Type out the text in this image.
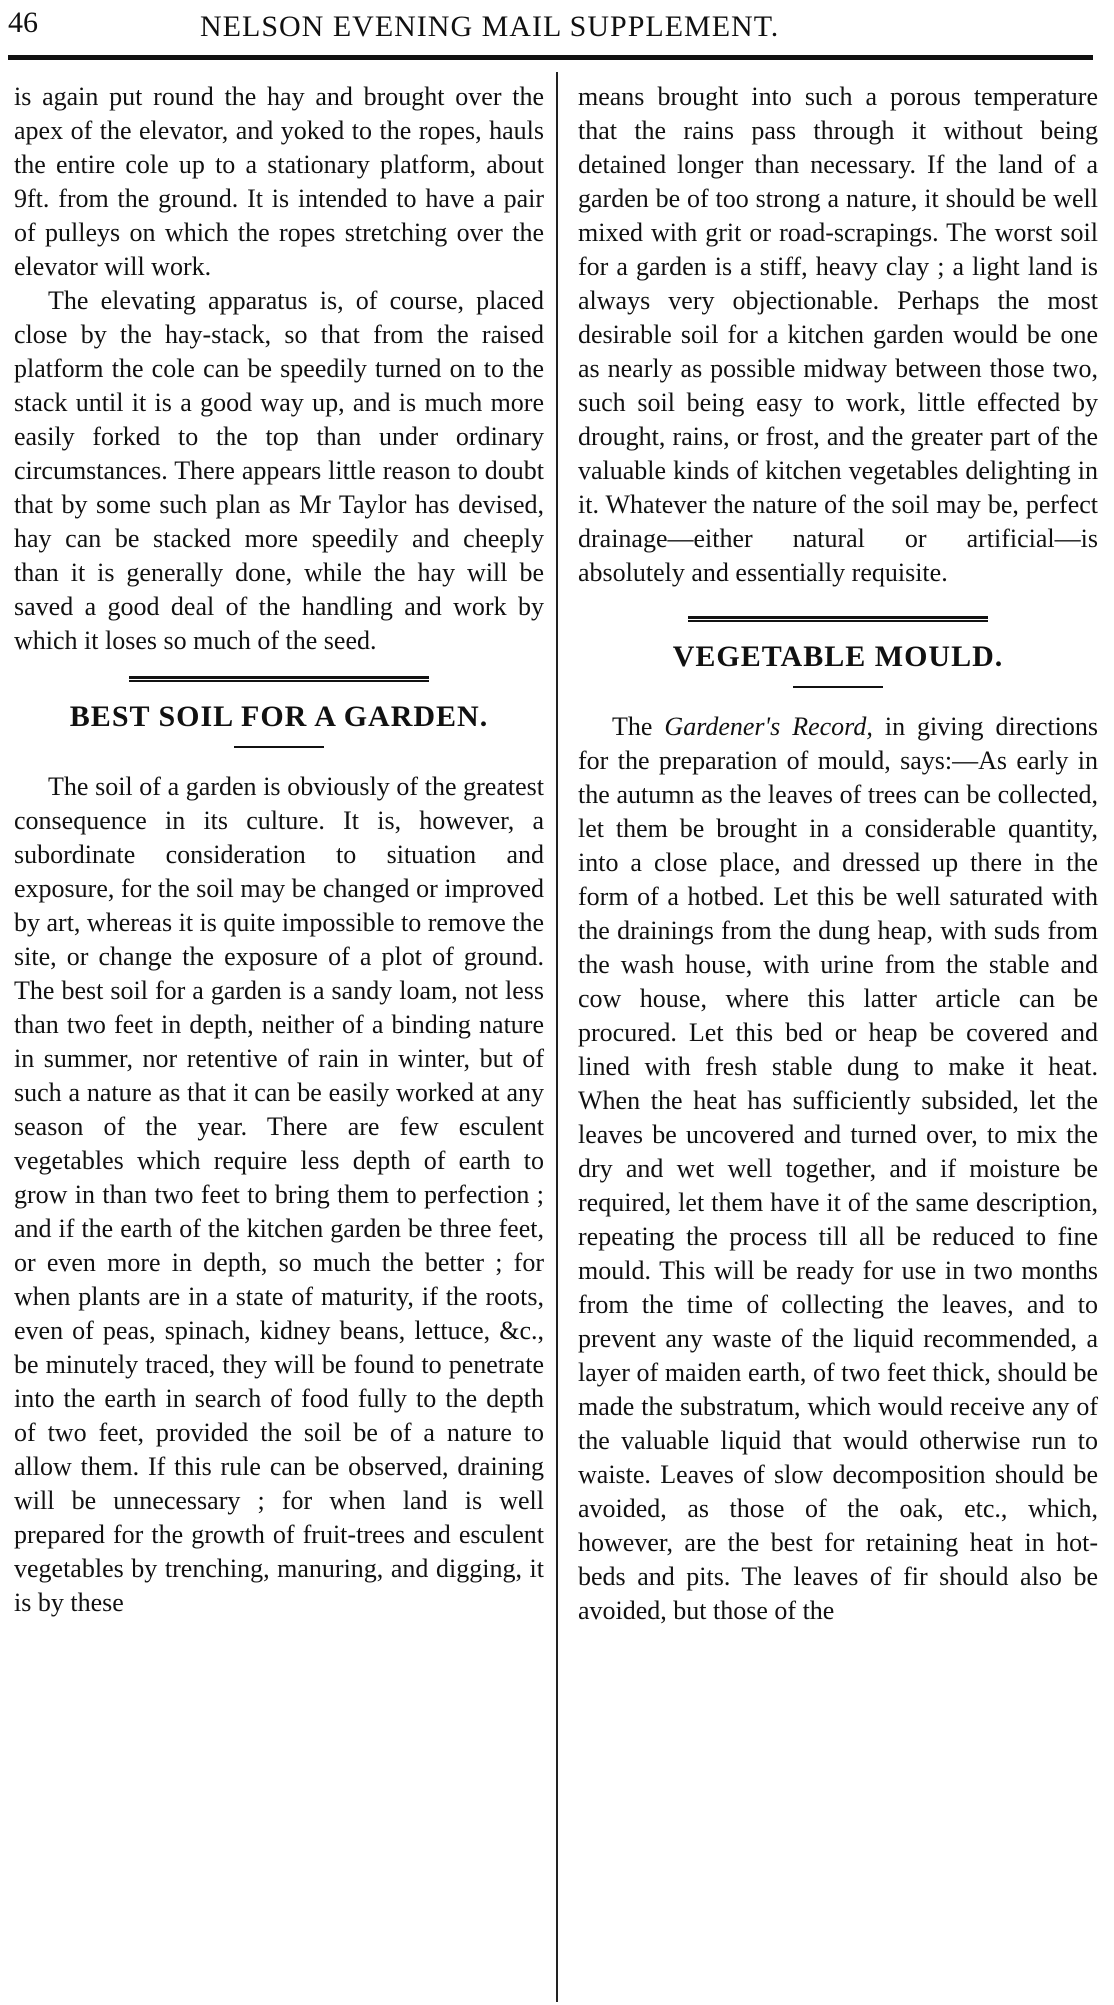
46	NELSON EVENING MAIL SUPPLEMENT.

is again put round the hay and brought over the apex of the elevator, and yoked to the ropes, hauls the entire cole up to a stationary platform, about 9ft. from the ground. It is intended to have a pair of pulleys on which the ropes stretching over the elevator will work.

The elevating apparatus is, of course, placed close by the hay-stack, so that from the raised platform the cole can be speedily turned on to the stack until it is a good way up, and is much more easily forked to the top than under ordinary circumstances. There appears little reason to doubt that by some such plan as Mr Taylor has devised, hay can be stacked more speedily and cheeply than it is generally done, while the hay will be saved a good deal of the handling and work by which it loses so much of the seed.

BEST SOIL FOR A GARDEN.

The soil of a garden is obviously of the greatest consequence in its culture. It is, however, a subordinate consideration to situation and exposure, for the soil may be changed or improved by art, whereas it is quite impossible to remove the site, or change the exposure of a plot of ground. The best soil for a garden is a sandy loam, not less than two feet in depth, neither of a binding nature in summer, nor retentive of rain in winter, but of such a nature as that it can be easily worked at any season of the year. There are few esculent vegetables which require less depth of earth to grow in than two feet to bring them to perfection ; and if the earth of the kitchen garden be three feet, or even more in depth, so much the better ; for when plants are in a state of maturity, if the roots, even of peas, spinach, kidney beans, lettuce, &c., be minutely traced, they will be found to penetrate into the earth in search of food fully to the depth of two feet, provided the soil be of a nature to allow them. If this rule can be observed, draining will be unnecessary ; for when land is well prepared for the growth of fruit-trees and esculent vegetables by trenching, manuring, and digging, it is by these

means brought into such a porous temperature that the rains pass through it without being detained longer than necessary. If the land of a garden be of too strong a nature, it should be well mixed with grit or road-scrapings. The worst soil for a garden is a stiff, heavy clay ; a light land is always very objectionable. Perhaps the most desirable soil for a kitchen garden would be one as nearly as possible midway between those two, such soil being easy to work, little effected by drought, rains, or frost, and the greater part of the valuable kinds of kitchen vegetables delighting in it. Whatever the nature of the soil may be, perfect drainage—either natural or artificial—is absolutely and essentially requisite.

VEGETABLE MOULD.

The Gardener's Record, in giving directions for the preparation of mould, says:—As early in the autumn as the leaves of trees can be collected, let them be brought in a considerable quantity, into a close place, and dressed up there in the form of a hotbed. Let this be well saturated with the drainings from the dung heap, with suds from the wash house, with urine from the stable and cow house, where this latter article can be procured. Let this bed or heap be covered and lined with fresh stable dung to make it heat. When the heat has sufficiently subsided, let the leaves be uncovered and turned over, to mix the dry and wet well together, and if moisture be required, let them have it of the same description, repeating the process till all be reduced to fine mould. This will be ready for use in two months from the time of collecting the leaves, and to prevent any waste of the liquid recommended, a layer of maiden earth, of two feet thick, should be made the substratum, which would receive any of the valuable liquid that would otherwise run to waiste. Leaves of slow decomposition should be avoided, as those of the oak, etc., which, however, are the best for retaining heat in hot-beds and pits. The leaves of fir should also be avoided, but those of the
